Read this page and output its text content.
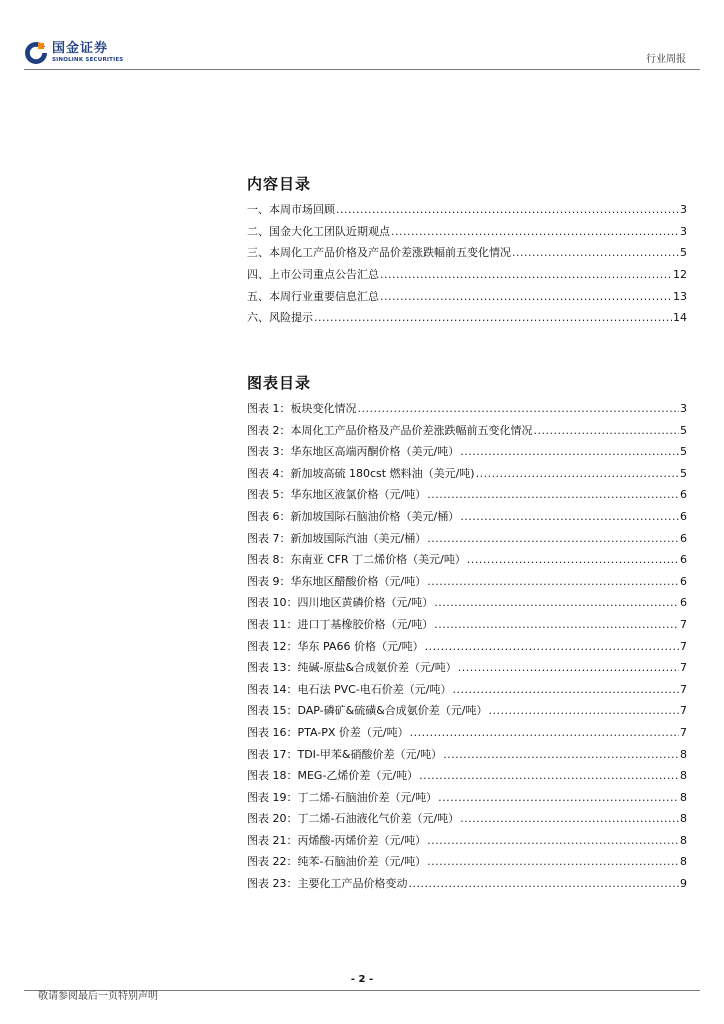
国金证券
SINOLINK SECURITIES	行业周报
内容目录
一、本周市场回顾 .....	3
二、国金大化工团队近期观点 .....	3
三、本周化工产品价格及产品价差涨跌幅前五变化情况 .....	5
四、上市公司重点公告汇总 .....	12
五、本周行业重要信息汇总 .....	13
六、风险提示 .....	14
图表目录
图表 1：板块变化情况 .....	3
图表 2：本周化工产品价格及产品价差涨跌幅前五变化情况 .....	5
图表 3：华东地区高端丙酮价格（美元/吨） .....	5
图表 4：新加坡高硫 180cst 燃料油（美元/吨) .....	5
图表 5：华东地区液氯价格（元/吨） .....	6
图表 6：新加坡国际石脑油价格（美元/桶） .....	6
图表 7：新加坡国际汽油（美元/桶） .....	6
图表 8：东南亚 CFR 丁二烯价格（美元/吨） .....	6
图表 9：华东地区醋酸价格（元/吨） .....	6
图表 10：四川地区黄磷价格（元/吨） .....	6
图表 11：进口丁基橡胶价格（元/吨） .....	7
图表 12：华东 PA66 价格（元/吨） .....	7
图表 13：纯碱-原盐&合成氨价差（元/吨） .....	7
图表 14：电石法 PVC-电石价差（元/吨） .....	7
图表 15：DAP-磷矿&硫磺&合成氨价差（元/吨） .....	7
图表 16：PTA-PX 价差（元/吨） .....	7
图表 17：TDI-甲苯&硝酸价差（元/吨） .....	8
图表 18：MEG-乙烯价差（元/吨） .....	8
图表 19：丁二烯-石脑油价差（元/吨） .....	8
图表 20：丁二烯-石油液化气价差（元/吨） .....	8
图表 21：丙烯酸-丙烯价差（元/吨） .....	8
图表 22：纯苯-石脑油价差（元/吨） .....	8
图表 23：主要化工产品价格变动 .....	9
- 2 -
敬请参阅最后一页特别声明
